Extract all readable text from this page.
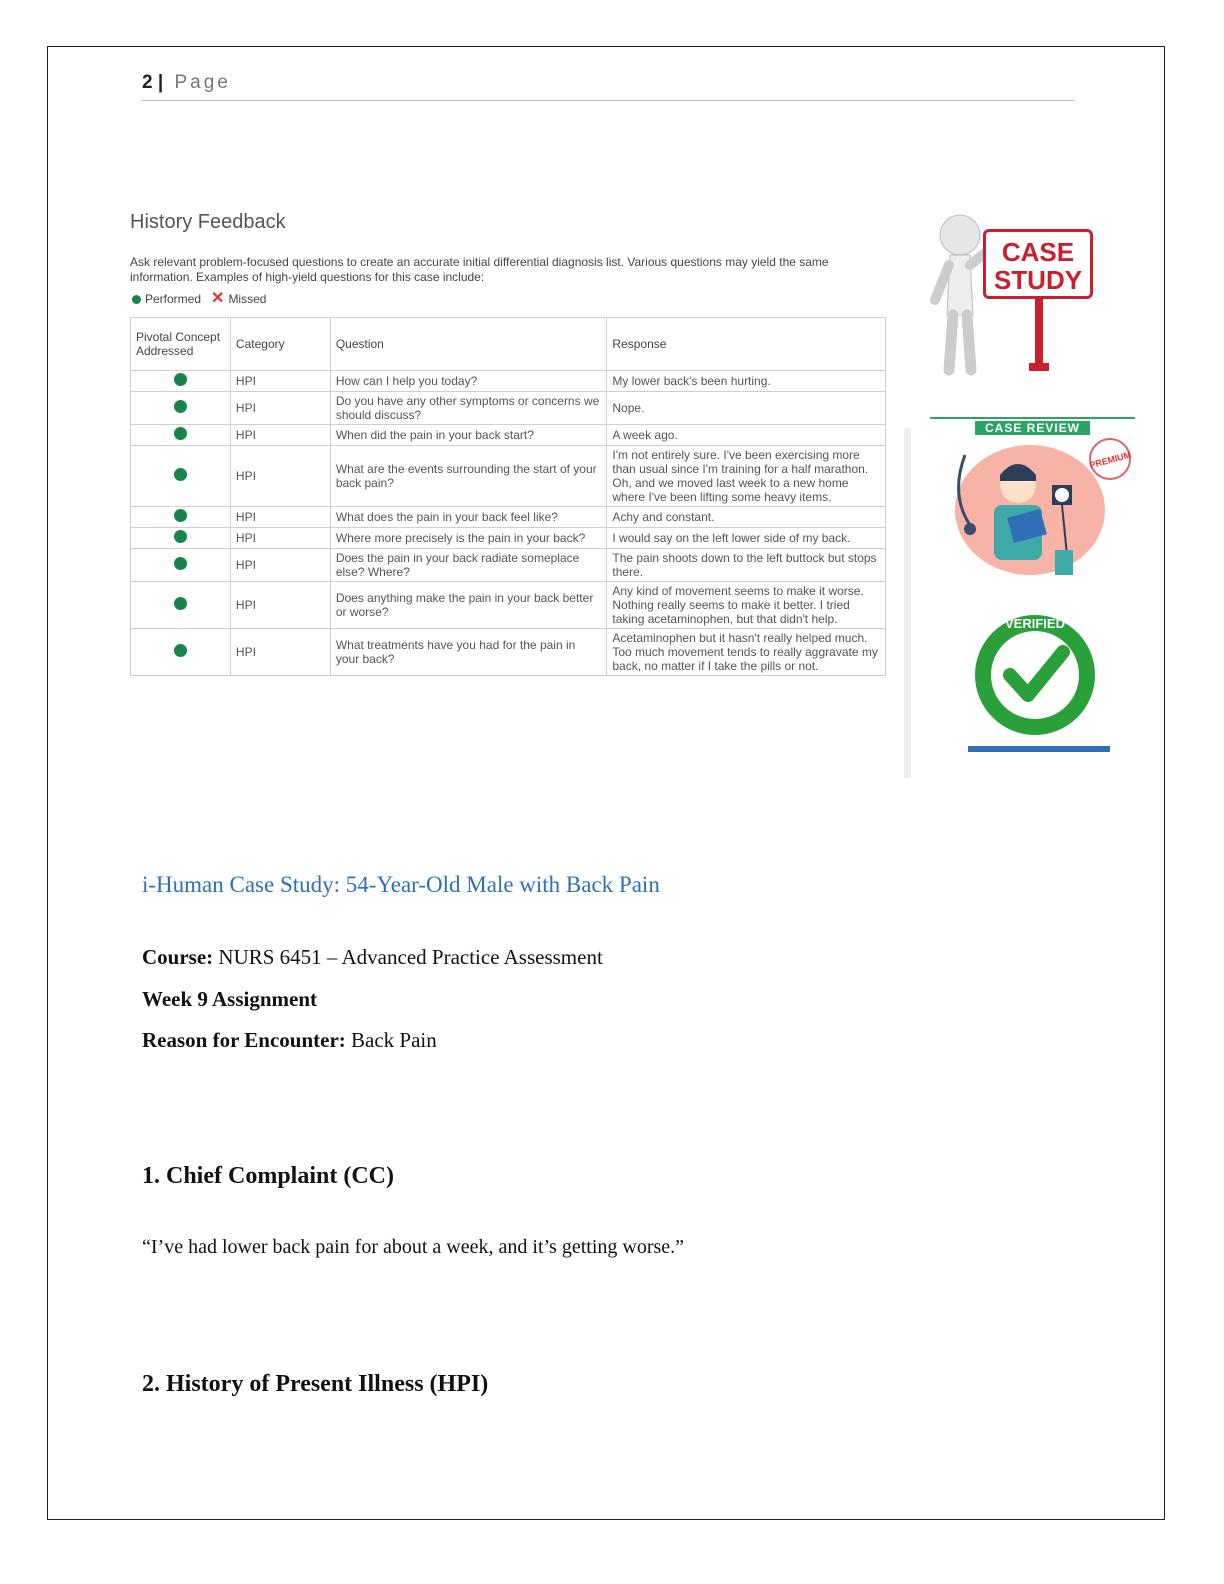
2 | Page
History Feedback
Ask relevant problem-focused questions to create an accurate initial differential diagnosis list. Various questions may yield the same information. Examples of high-yield questions for this case include:
Performed ✕ Missed
Pivotal Concept Addressed	Category	Question	Response
	HPI	How can I help you today?	My lower back's been hurting.
	HPI	Do you have any other symptoms or concerns we should discuss?	Nope.
	HPI	When did the pain in your back start?	A week ago.
	HPI	What are the events surrounding the start of your back pain?	I'm not entirely sure. I've been exercising more than usual since I'm training for a half marathon. Oh, and we moved last week to a new home where I've been lifting some heavy items.
	HPI	What does the pain in your back feel like?	Achy and constant.
	HPI	Where more precisely is the pain in your back?	I would say on the left lower side of my back.
	HPI	Does the pain in your back radiate someplace else? Where?	The pain shoots down to the left buttock but stops there.
	HPI	Does anything make the pain in your back better or worse?	Any kind of movement seems to make it worse. Nothing really seems to make it better. I tried taking acetaminophen, but that didn't help.
	HPI	What treatments have you had for the pain in your back?	Acetaminophen but it hasn't really helped much. Too much movement tends to really aggravate my back, no matter if I take the pills or not.
CASE
STUDY
CASE REVIEW
PREMIUM
VERIFIED
i-Human Case Study: 54-Year-Old Male with Back Pain
Course: NURS 6451 – Advanced Practice Assessment
Week 9 Assignment
Reason for Encounter: Back Pain
1. Chief Complaint (CC)
“I’ve had lower back pain for about a week, and it’s getting worse.”
2. History of Present Illness (HPI)
